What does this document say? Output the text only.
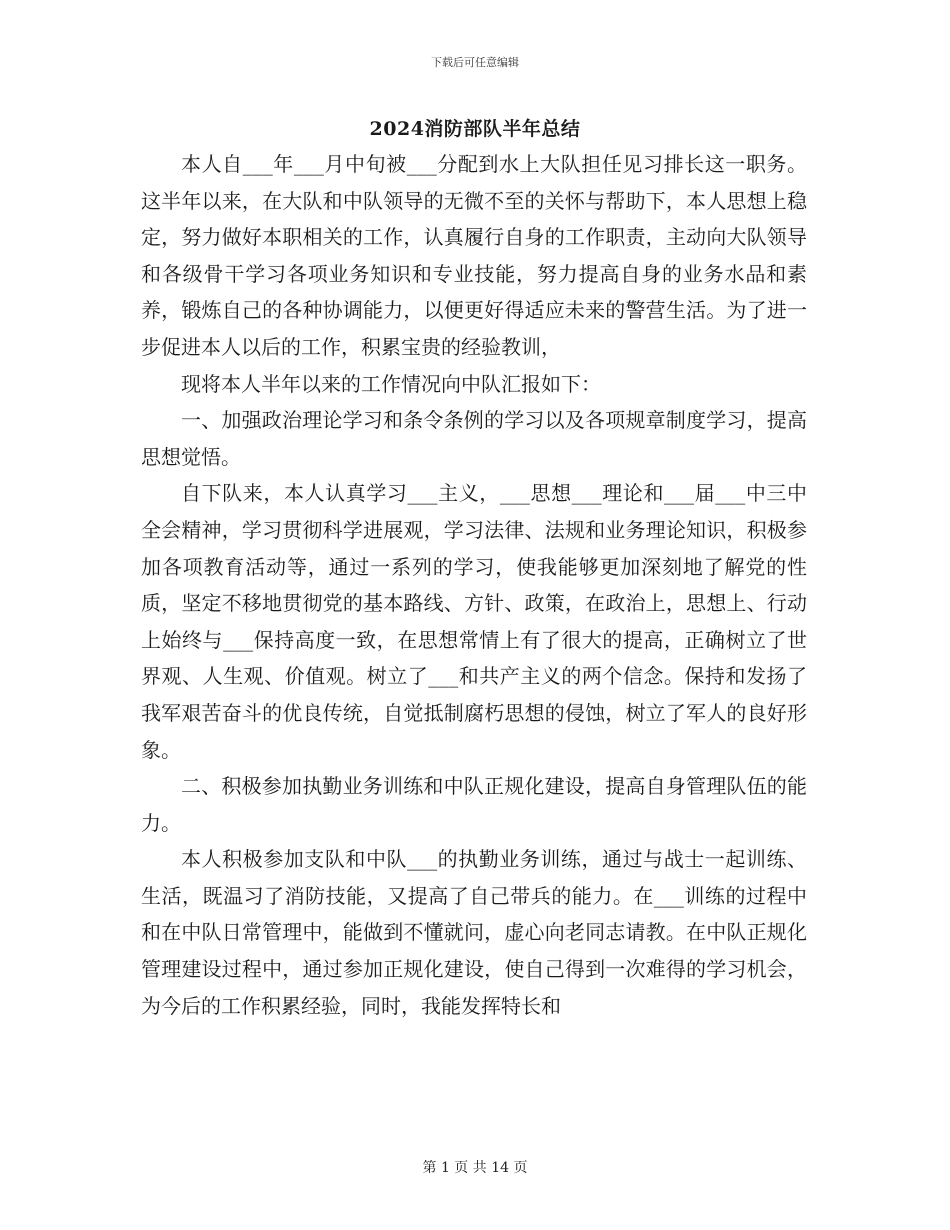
下载后可任意编辑
2024消防部队半年总结

本人自___年___月中旬被___分配到水上大队担任见习排长这一职务。这半年以来，在大队和中队领导的无微不至的关怀与帮助下，本人思想上稳定，努力做好本职相关的工作，认真履行自身的工作职责，主动向大队领导和各级骨干学习各项业务知识和专业技能，努力提高自身的业务水品和素养，锻炼自己的各种协调能力，以便更好得适应未来的警营生活。为了进一步促进本人以后的工作，积累宝贵的经验教训，

现将本人半年以来的工作情况向中队汇报如下：

一、加强政治理论学习和条令条例的学习以及各项规章制度学习，提高思想觉悟。

自下队来，本人认真学习___主义，___思想___理论和___届___中三中全会精神，学习贯彻科学进展观，学习法律、法规和业务理论知识，积极参加各项教育活动等，通过一系列的学习，使我能够更加深刻地了解党的性质，坚定不移地贯彻党的基本路线、方针、政策，在政治上，思想上、行动上始终与___保持高度一致，在思想常情上有了很大的提高，正确树立了世界观、人生观、价值观。树立了___和共产主义的两个信念。保持和发扬了我军艰苦奋斗的优良传统，自觉抵制腐朽思想的侵蚀，树立了军人的良好形象。

二、积极参加执勤业务训练和中队正规化建设，提高自身管理队伍的能力。

本人积极参加支队和中队___的执勤业务训练，通过与战士一起训练、生活，既温习了消防技能，又提高了自己带兵的能力。在___训练的过程中和在中队日常管理中，能做到不懂就问，虚心向老同志请教。在中队正规化管理建设过程中，通过参加正规化建设，使自己得到一次难得的学习机会，为今后的工作积累经验，同时，我能发挥特长和

第 1 页 共 14 页
